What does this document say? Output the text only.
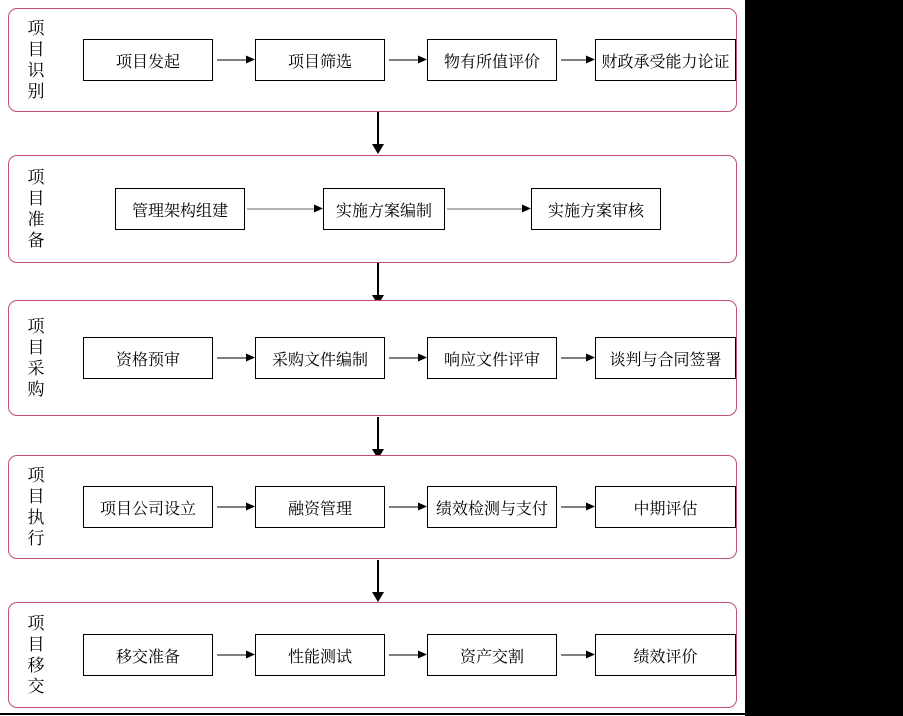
项目识别
项目发起	项目筛选	物有所值评价	财政承受能力论证
项目准备
管理架构组建	实施方案编制	实施方案审核
项目采购
资格预审	采购文件编制	响应文件评审	谈判与合同签署
项目执行
项目公司设立	融资管理	绩效检测与支付	中期评估
项目移交
移交准备	性能测试	资产交割	绩效评价
